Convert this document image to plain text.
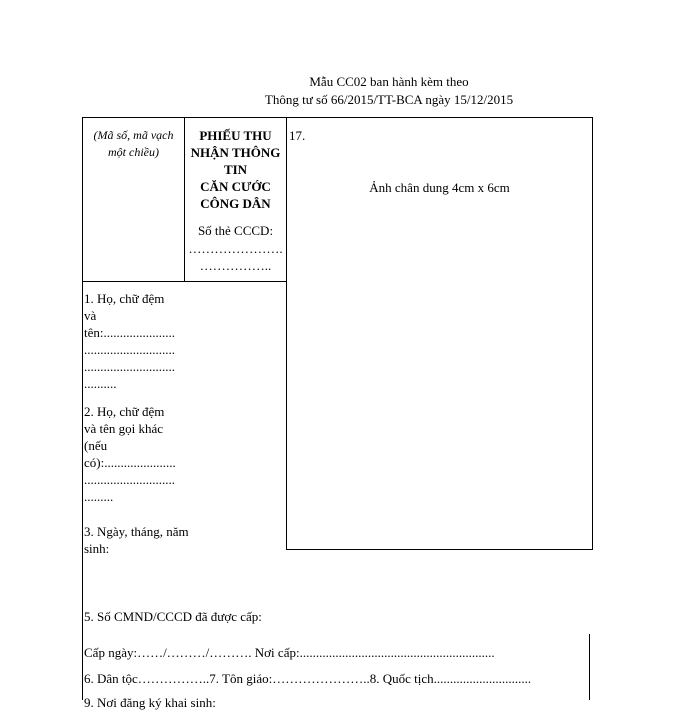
Mẫu CC02 ban hành kèm theo
Thông tư số 66/2015/TT-BCA ngày 15/12/2015
(Mã số, mã vạch
một chiều)
PHIẾU THU
NHẬN THÔNG
TIN
CĂN CƯỚC
CÔNG DÂN
Số thẻ CCCD:
………………….
……………..
17.
Ảnh chân dung 4cm x 6cm
1. Họ, chữ đệm
và
tên:......................
............................
............................
..........
2. Họ, chữ đệm
và tên gọi khác
(nếu
có):......................
............................
.........
3. Ngày, tháng, năm
sinh:
5. Số CMND/CCCD đã được cấp:
Cấp ngày:……/………/………. Nơi cấp:............................................................
6. Dân tộc……………..7. Tôn giáo:…………………..8. Quốc tịch..............................
9. Nơi đăng ký khai sinh:
